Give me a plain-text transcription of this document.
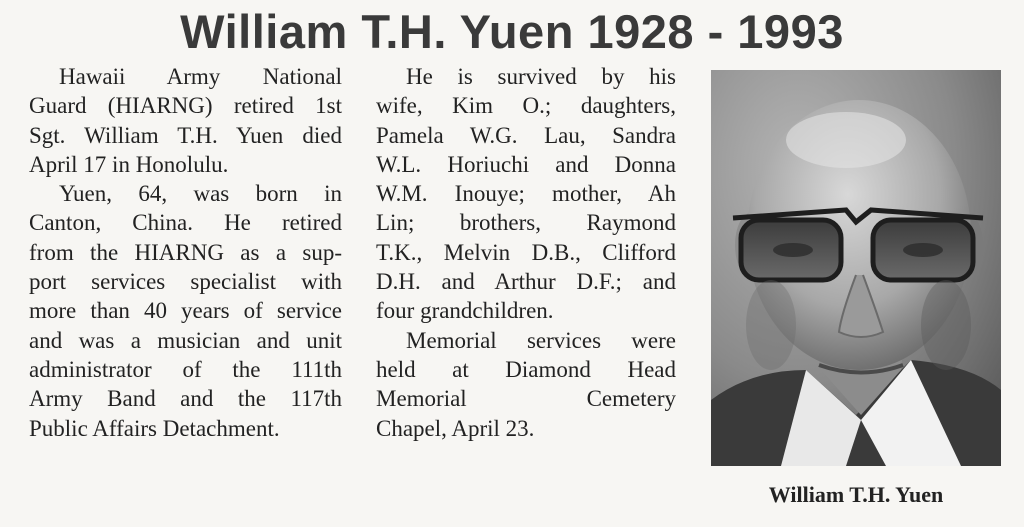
William T.H. Yuen 1928 - 1993
Hawaii Army National
Guard (HIARNG) retired 1st
Sgt. William T.H. Yuen died
April 17 in Honolulu.
Yuen, 64, was born in
Canton, China. He retired
from the HIARNG as a sup-
port services specialist with
more than 40 years of service
and was a musician and unit
administrator of the 111th
Army Band and the 117th
Public Affairs Detachment.
He is survived by his
wife, Kim O.; daughters,
Pamela W.G. Lau, Sandra
W.L. Horiuchi and Donna
W.M. Inouye; mother, Ah
Lin; brothers, Raymond
T.K., Melvin D.B., Clifford
D.H. and Arthur D.F.; and
four grandchildren.
Memorial services were
held at Diamond Head
Memorial Cemetery
Chapel, April 23.
William T.H. Yuen
